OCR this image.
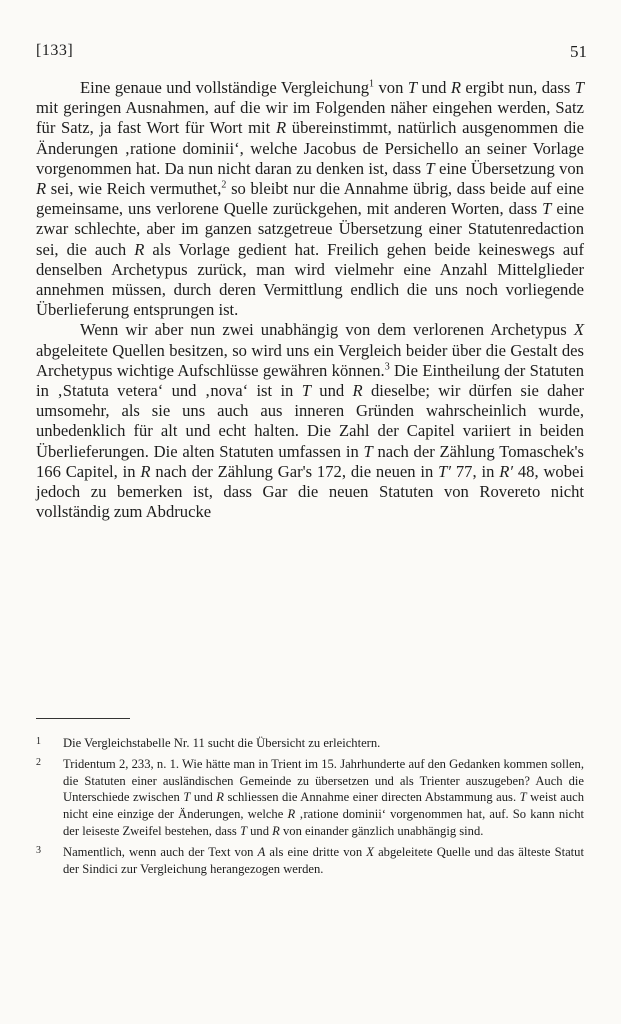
[133]	51

Eine genaue und vollständige Vergleichung$^1$ von T und R ergibt nun, dass T mit geringen Ausnahmen, auf die wir im Folgenden näher eingehen werden, Satz für Satz, ja fast Wort für Wort mit R übereinstimmt, natürlich ausgenommen die Änderungen ‚ratione dominii‘, welche Jacobus de Persichello an seiner Vorlage vorgenommen hat. Da nun nicht daran zu denken ist, dass T eine Übersetzung von R sei, wie Reich vermuthet,$^2$ so bleibt nur die Annahme übrig, dass beide auf eine gemeinsame, uns verlorene Quelle zurückgehen, mit anderen Worten, dass T eine zwar schlechte, aber im ganzen satzgetreue Übersetzung einer Statutenredaction sei, die auch R als Vorlage gedient hat. Freilich gehen beide keineswegs auf denselben Archetypus zurück, man wird vielmehr eine Anzahl Mittelglieder annehmen müssen, durch deren Vermittlung endlich die uns noch vorliegende Überlieferung entsprungen ist.

Wenn wir aber nun zwei unabhängig von dem verlorenen Archetypus X abgeleitete Quellen besitzen, so wird uns ein Vergleich beider über die Gestalt des Archetypus wichtige Aufschlüsse gewähren können.$^3$ Die Eintheilung der Statuten in ‚Statuta vetera‘ und ‚nova‘ ist in T und R dieselbe; wir dürfen sie daher umsomehr, als sie uns auch aus inneren Gründen wahrscheinlich wurde, unbedenklich für alt und echt halten. Die Zahl der Capitel variiert in beiden Überlieferungen. Die alten Statuten umfassen in T nach der Zählung Tomaschek's 166 Capitel, in R nach der Zählung Gar's 172, die neuen in T′ 77, in R′ 48, wobei jedoch zu bemerken ist, dass Gar die neuen Statuten von Rovereto nicht vollständig zum Abdrucke

1 Die Vergleichstabelle Nr. 11 sucht die Übersicht zu erleichtern.
2 Tridentum 2, 233, n. 1. Wie hätte man in Trient im 15. Jahrhunderte auf den Gedanken kommen sollen, die Statuten einer ausländischen Gemeinde zu übersetzen und als Trienter auszugeben? Auch die Unterschiede zwischen T und R schliessen die Annahme einer directen Abstammung aus. T weist auch nicht eine einzige der Änderungen, welche R ‚ratione dominii‘ vorgenommen hat, auf. So kann nicht der leiseste Zweifel bestehen, dass T und R von einander gänzlich unabhängig sind.
3 Namentlich, wenn auch der Text von A als eine dritte von X abgeleitete Quelle und das älteste Statut der Sindici zur Vergleichung herangezogen werden.
